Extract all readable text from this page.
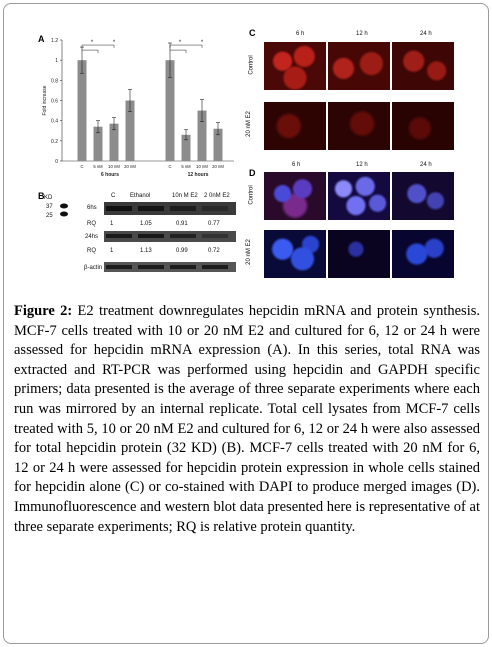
A 1.2
1
0.8
0.6
0.4
0.2
0
Fold increase
C 5 nM 10 nM 20 nM
6 hours
C 5 nM 10 nM 20 nM
12 hours
*	*	*	*
B KD
37
25
C Ethanol	10n M E2 2 0nM E2
6hs
RQ 1	1.05	0.91	0.77
24hs
RQ 1	1.13	0.99	0.72
β-actin
C	6 h	12 h	24 h
Control
20 nM E2
D
6 h	12 h	24 h
Control
20 nM E2

Figure 2: E2 treatment downregulates hepcidin mRNA and protein synthesis. MCF-7 cells treated with 10 or 20 nM E2 and cultured for 6, 12 or 24 h were assessed for hepcidin mRNA expression (A). In this series, total RNA was extracted and RT-PCR was performed using hepcidin and GAPDH specific primers; data presented is the average of three separate experiments where each run was mirrored by an internal replicate. Total cell lysates from MCF-7 cells treated with 5, 10 or 20 nM E2 and cultured for 6, 12 or 24 h were also assessed for total hepcidin protein (32 KD) (B). MCF-7 cells treated with 20 nM for 6, 12 or 24 h were assessed for hepcidin protein expression in whole cells stained for hepcidin alone (C) or co-stained with DAPI to produce merged images (D). Immunofluorescence and western blot data presented here is representative of at three separate experiments; RQ is relative protein quantity.
